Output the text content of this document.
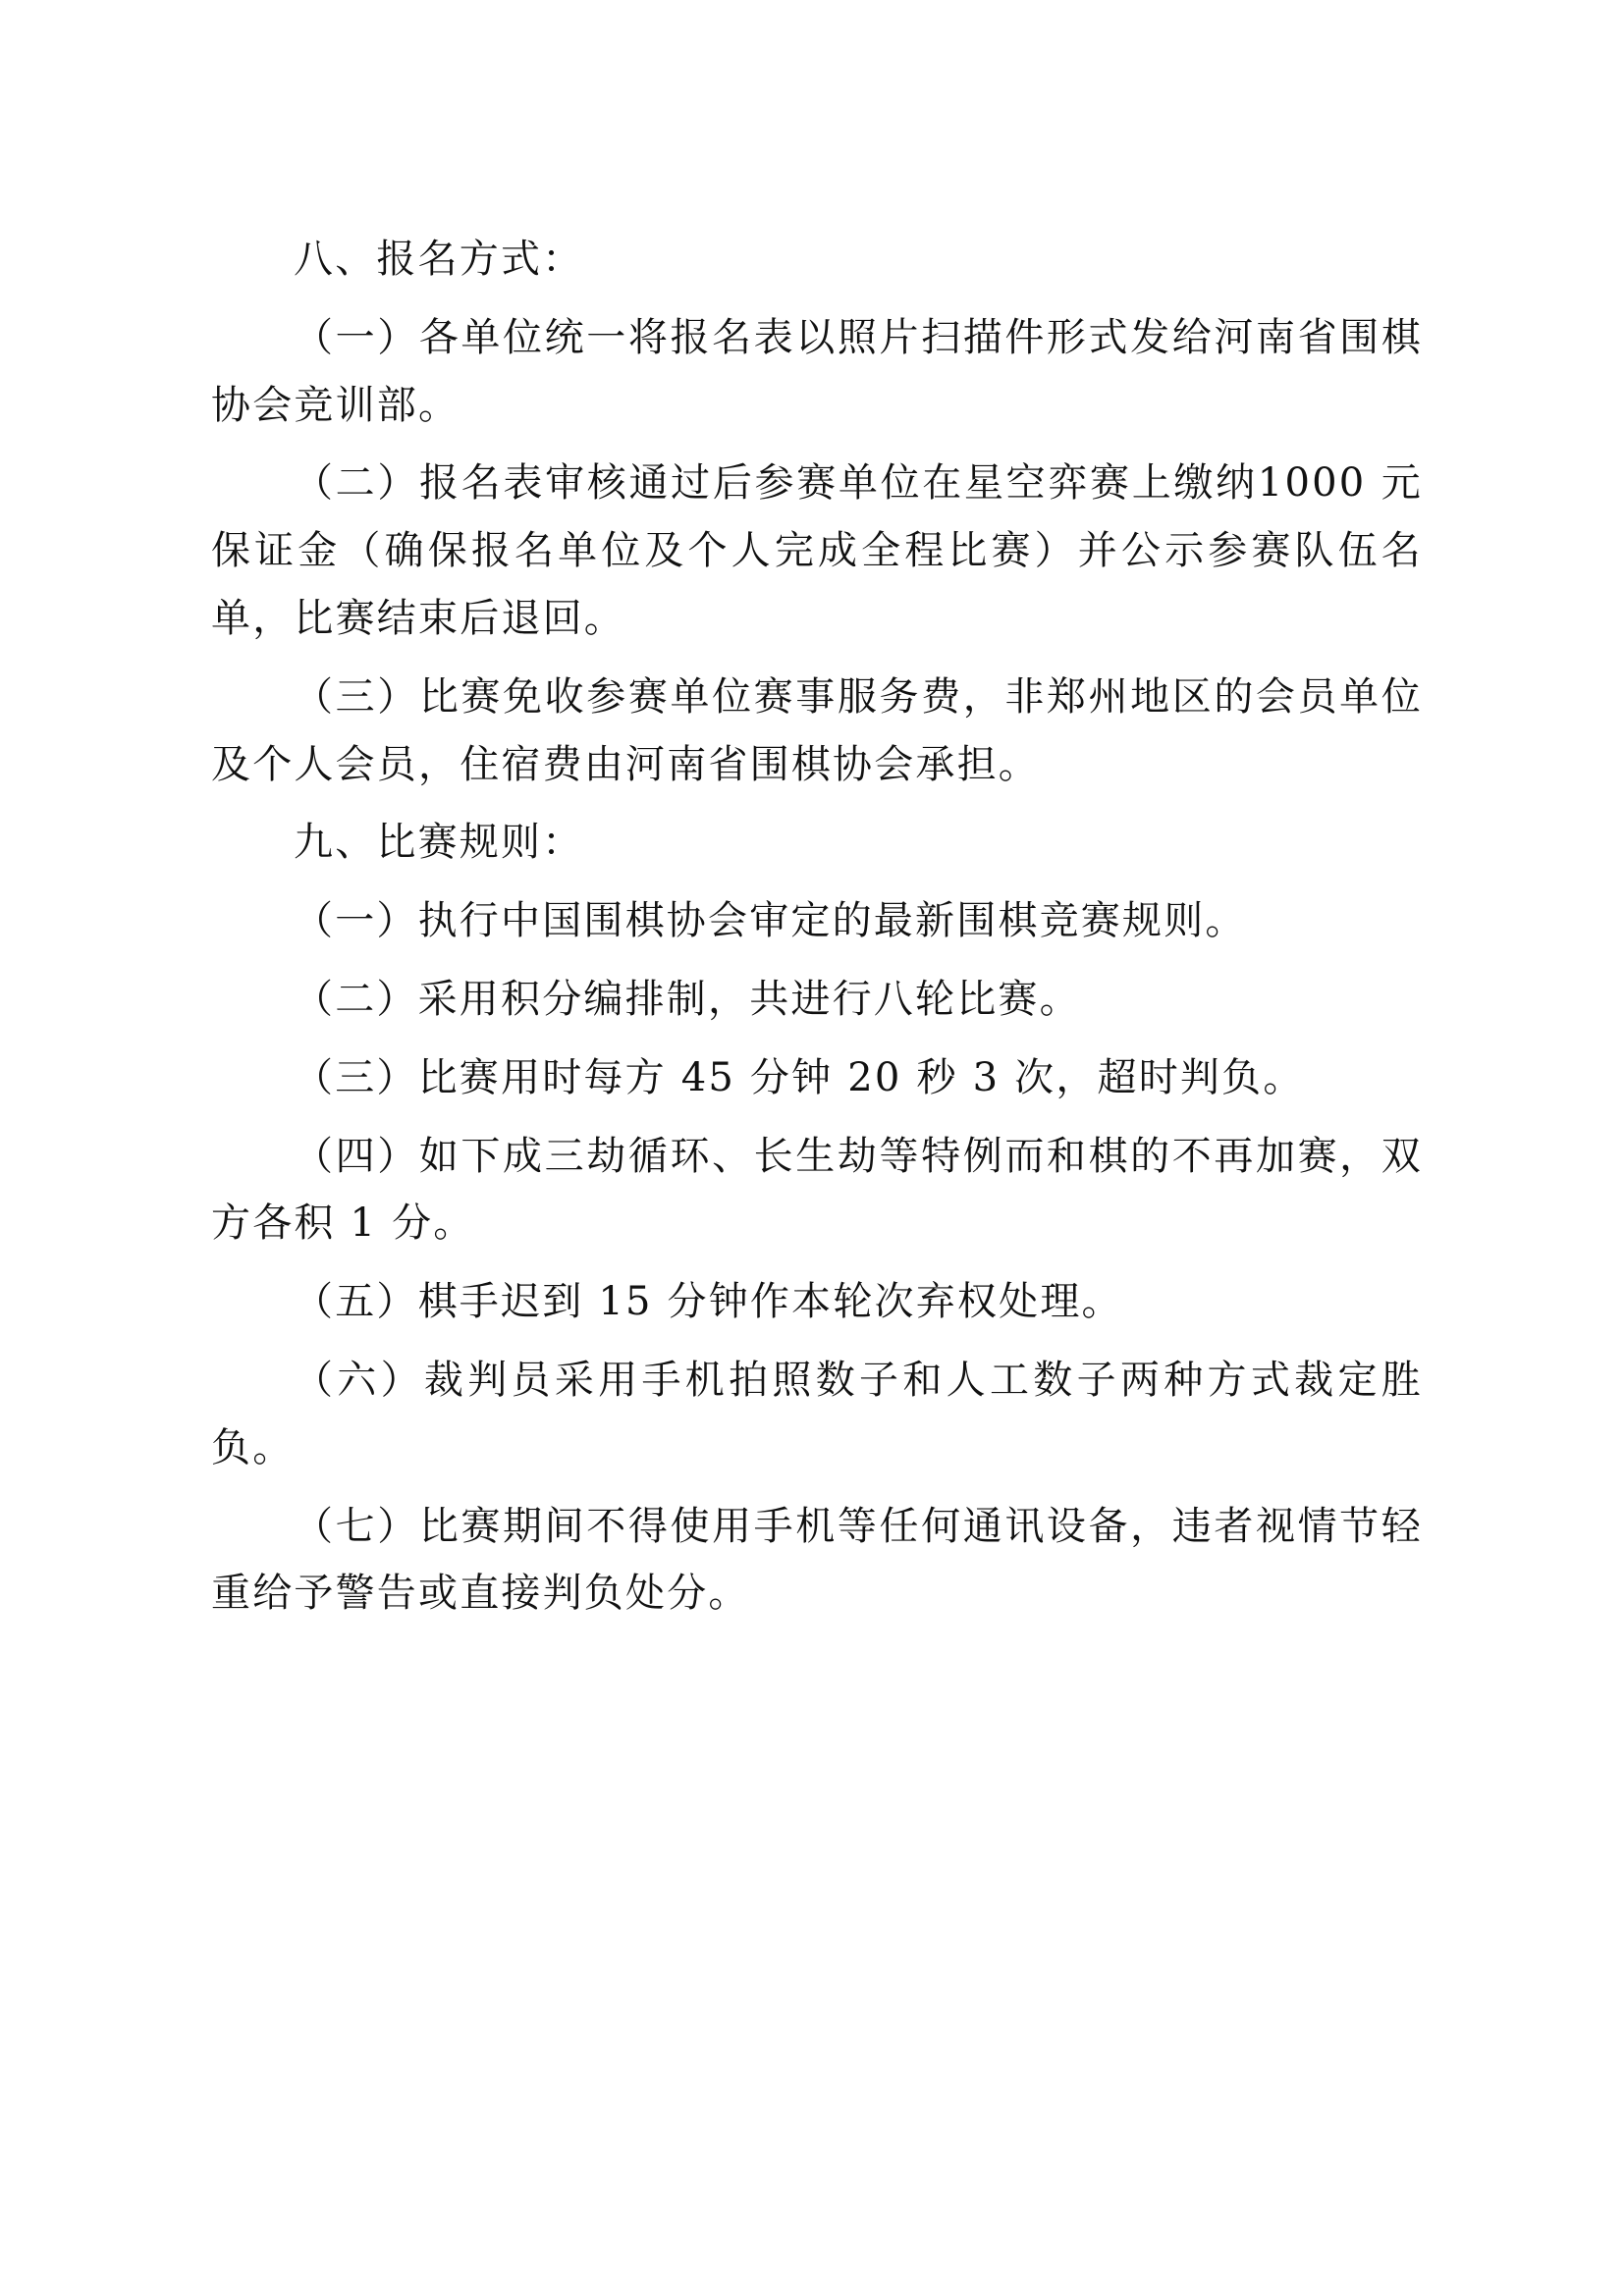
八、报名方式：

（一）各单位统一将报名表以照片扫描件形式发给河南省围棋协会竞训部。

（二）报名表审核通过后参赛单位在星空弈赛上缴纳1000 元保证金（确保报名单位及个人完成全程比赛）并公示参赛队伍名单，比赛结束后退回。

（三）比赛免收参赛单位赛事服务费，非郑州地区的会员单位及个人会员，住宿费由河南省围棋协会承担。

九、比赛规则：

（一）执行中国围棋协会审定的最新围棋竞赛规则。

（二）采用积分编排制，共进行八轮比赛。

（三）比赛用时每方 45 分钟 20 秒 3 次，超时判负。

（四）如下成三劫循环、长生劫等特例而和棋的不再加赛，双方各积 1 分。

（五）棋手迟到 15 分钟作本轮次弃权处理。

（六）裁判员采用手机拍照数子和人工数子两种方式裁定胜负。

（七）比赛期间不得使用手机等任何通讯设备，违者视情节轻重给予警告或直接判负处分。
